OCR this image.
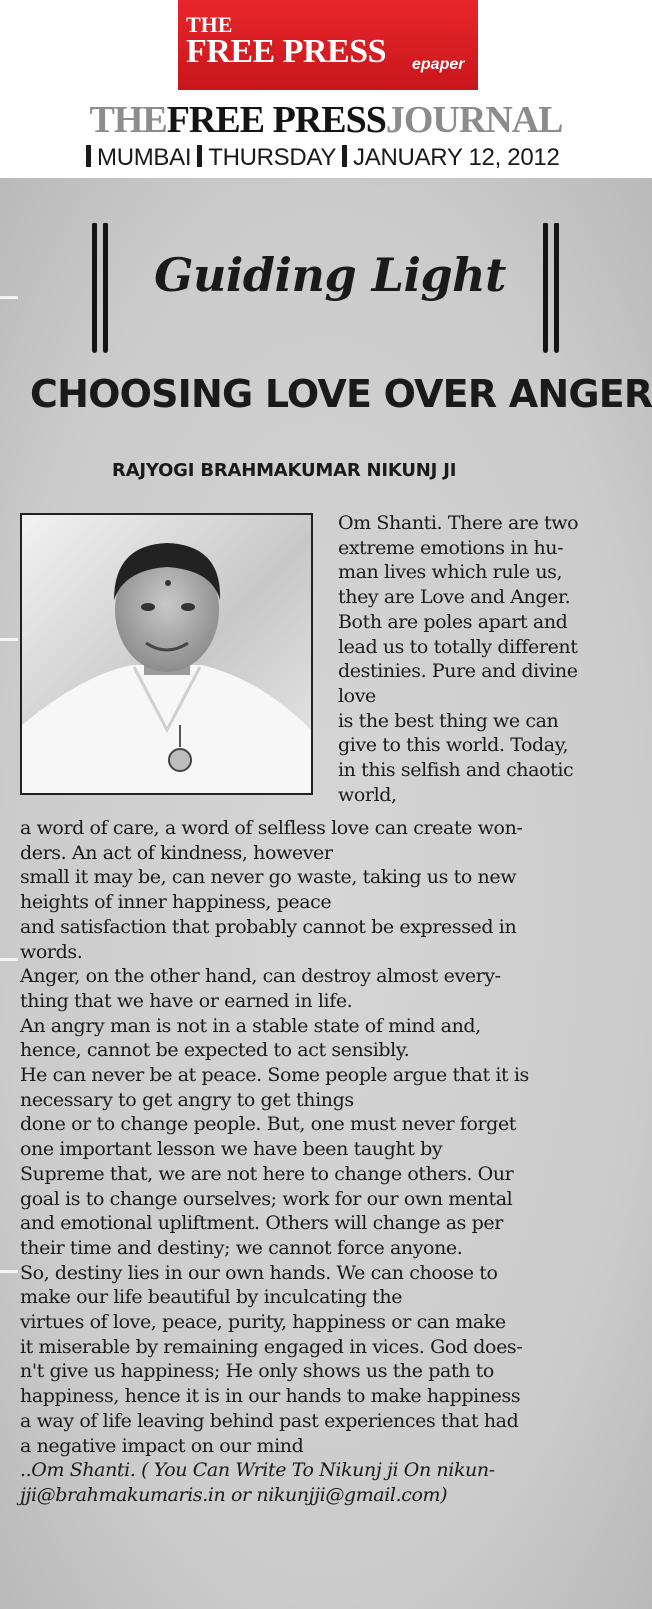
THE
FREE PRESS epaper
THEFREE PRESSJOURNAL
MUMBAI THURSDAY JANUARY 12, 2012
Guiding Light
CHOOSING LOVE OVER ANGER
RAJYOGI BRAHMAKUMAR NIKUNJ JI
Om Shanti. There are two
extreme emotions in hu-
man lives which rule us,
they are Love and Anger.
Both are poles apart and
lead us to totally different
destinies. Pure and divine
love
is the best thing we can
give to this world. Today,
in this selfish and chaotic
world,
a word of care, a word of selfless love can create won-
ders. An act of kindness, however
small it may be, can never go waste, taking us to new
heights of inner happiness, peace
and satisfaction that probably cannot be expressed in
words.
Anger, on the other hand, can destroy almost every-
thing that we have or earned in life.
An angry man is not in a stable state of mind and,
hence, cannot be expected to act sensibly.
He can never be at peace. Some people argue that it is
necessary to get angry to get things
done or to change people. But, one must never forget
one important lesson we have been taught by
Supreme that, we are not here to change others. Our
goal is to change ourselves; work for our own mental
and emotional upliftment. Others will change as per
their time and destiny; we cannot force anyone.
So, destiny lies in our own hands. We can choose to
make our life beautiful by inculcating the
virtues of love, peace, purity, happiness or can make
it miserable by remaining engaged in vices. God does-
n't give us happiness; He only shows us the path to
happiness, hence it is in our hands to make happiness
a way of life leaving behind past experiences that had
a negative impact on our mind
..Om Shanti. ( You Can Write To Nikunj ji On nikun-
jji@brahmakumaris.in or nikunjji@gmail.com)
